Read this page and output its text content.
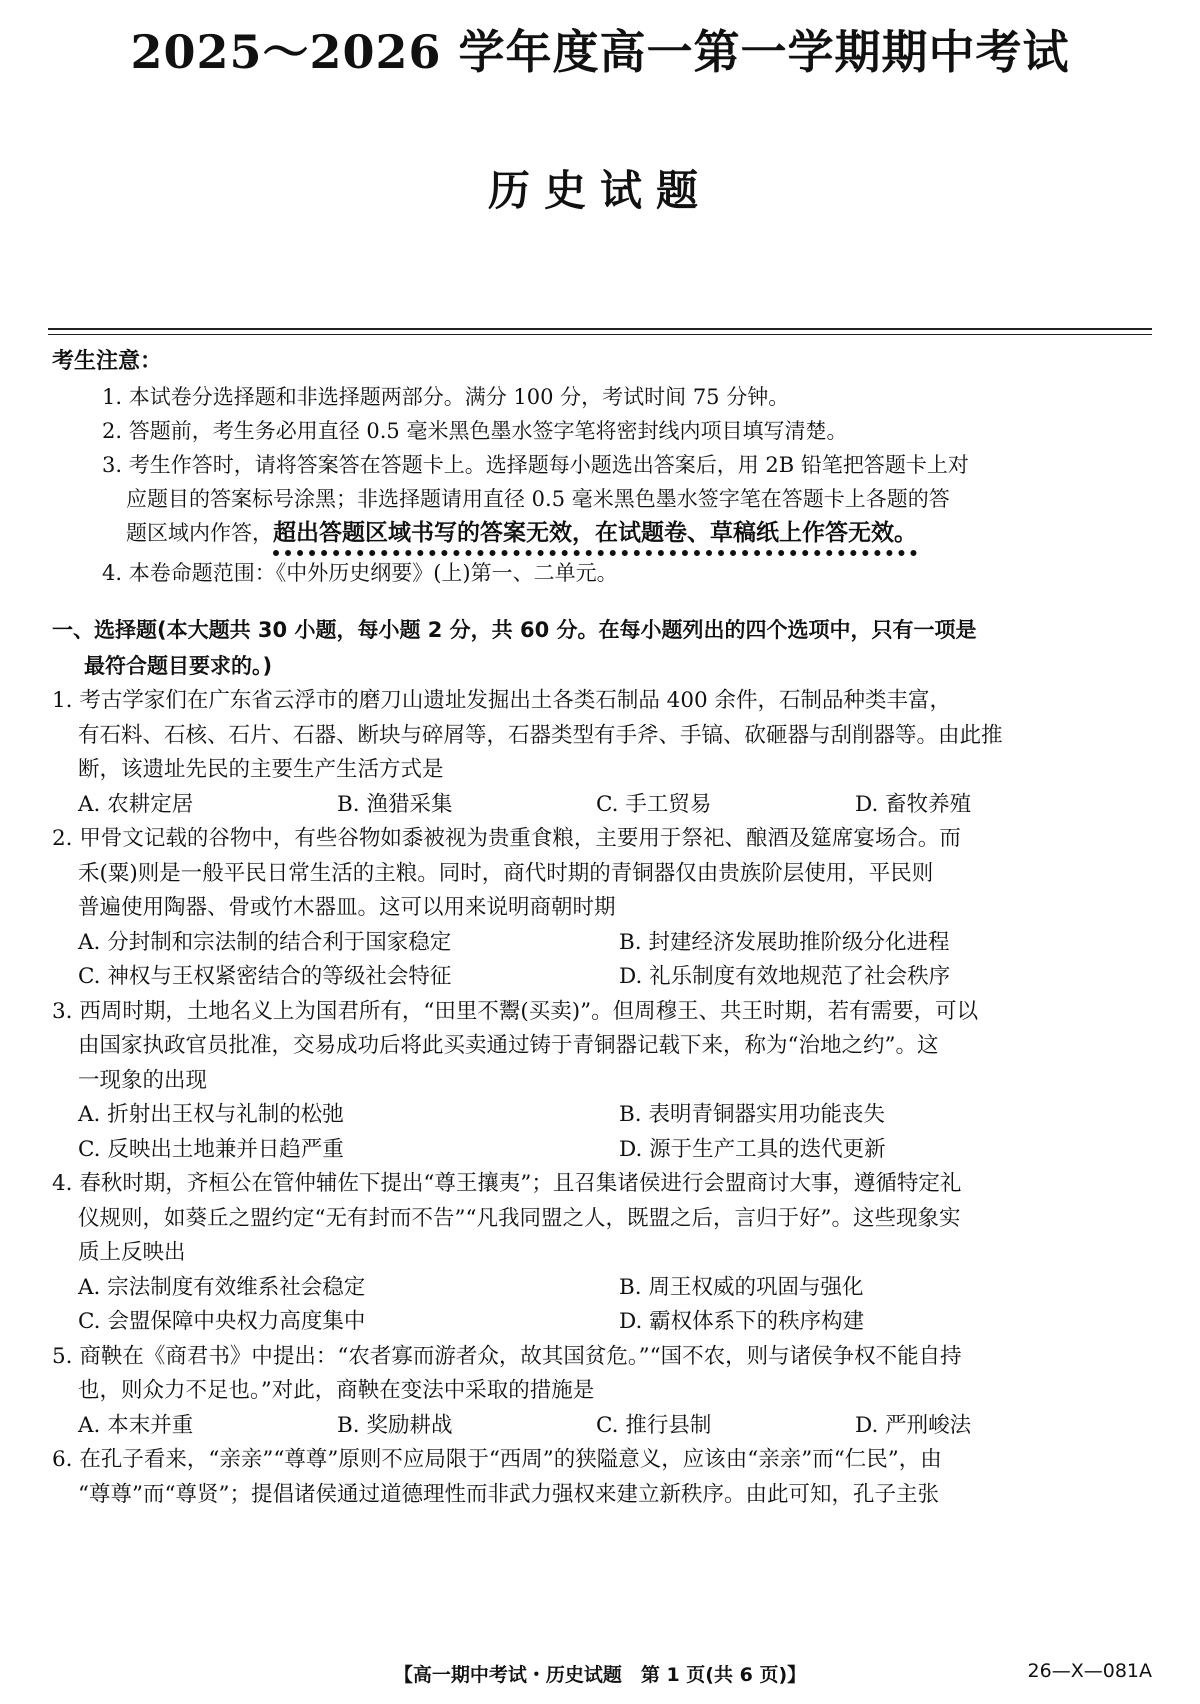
2025～2026 学年度高一第一学期期中考试
历史试题
考生注意：
1. 本试卷分选择题和非选择题两部分。满分 100 分，考试时间 75 分钟。
2. 答题前，考生务必用直径 0.5 毫米黑色墨水签字笔将密封线内项目填写清楚。
3. 考生作答时，请将答案答在答题卡上。选择题每小题选出答案后，用 2B 铅笔把答题卡上对
应题目的答案标号涂黑；非选择题请用直径 0.5 毫米黑色墨水签字笔在答题卡上各题的答
题区域内作答，超出答题区域书写的答案无效，在试题卷、草稿纸上作答无效。
4. 本卷命题范围：《中外历史纲要》(上)第一、二单元。
一、选择题(本大题共 30 小题，每小题 2 分，共 60 分。在每小题列出的四个选项中，只有一项是
最符合题目要求的。)
1. 考古学家们在广东省云浮市的磨刀山遗址发掘出土各类石制品 400 余件，石制品种类丰富，
有石料、石核、石片、石器、断块与碎屑等，石器类型有手斧、手镐、砍砸器与刮削器等。由此推
断，该遗址先民的主要生产生活方式是
A. 农耕定居	B. 渔猎采集	C. 手工贸易	D. 畜牧养殖
2. 甲骨文记载的谷物中，有些谷物如黍被视为贵重食粮，主要用于祭祀、酿酒及筵席宴场合。而
禾(粟)则是一般平民日常生活的主粮。同时，商代时期的青铜器仅由贵族阶层使用，平民则
普遍使用陶器、骨或竹木器皿。这可以用来说明商朝时期
A. 分封制和宗法制的结合利于国家稳定	B. 封建经济发展助推阶级分化进程
C. 神权与王权紧密结合的等级社会特征	D. 礼乐制度有效地规范了社会秩序
3. 西周时期，土地名义上为国君所有，“田里不鬻(买卖)”。但周穆王、共王时期，若有需要，可以
由国家执政官员批准，交易成功后将此买卖通过铸于青铜器记载下来，称为“治地之约”。这
一现象的出现
A. 折射出王权与礼制的松弛	B. 表明青铜器实用功能丧失
C. 反映出土地兼并日趋严重	D. 源于生产工具的迭代更新
4. 春秋时期，齐桓公在管仲辅佐下提出“尊王攘夷”；且召集诸侯进行会盟商讨大事，遵循特定礼
仪规则，如葵丘之盟约定“无有封而不告”“凡我同盟之人，既盟之后，言归于好”。这些现象实
质上反映出
A. 宗法制度有效维系社会稳定	B. 周王权威的巩固与强化
C. 会盟保障中央权力高度集中	D. 霸权体系下的秩序构建
5. 商鞅在《商君书》中提出：“农者寡而游者众，故其国贫危。”“国不农，则与诸侯争权不能自持
也，则众力不足也。”对此，商鞅在变法中采取的措施是
A. 本末并重	B. 奖励耕战	C. 推行县制	D. 严刑峻法
6. 在孔子看来，“亲亲”“尊尊”原则不应局限于“西周”的狭隘意义，应该由“亲亲”而“仁民”，由
“尊尊”而“尊贤”；提倡诸侯通过道德理性而非武力强权来建立新秩序。由此可知，孔子主张
【高一期中考试・历史试题　第 1 页(共 6 页)】	26—X—081A
